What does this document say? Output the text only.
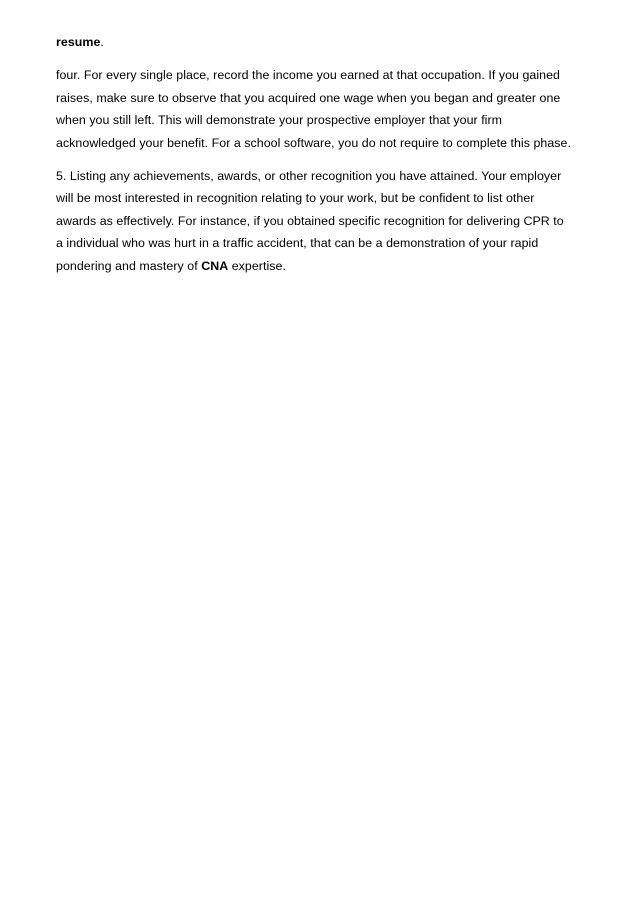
resume.

four. For every single place, record the income you earned at that occupation. If you gained
raises, make sure to observe that you acquired one wage when you began and greater one
when you still left. This will demonstrate your prospective employer that your firm
acknowledged your benefit. For a school software, you do not require to complete this phase.

5. Listing any achievements, awards, or other recognition you have attained. Your employer
will be most interested in recognition relating to your work, but be confident to list other
awards as effectively. For instance, if you obtained specific recognition for delivering CPR to
a individual who was hurt in a traffic accident, that can be a demonstration of your rapid
pondering and mastery of CNA expertise.
